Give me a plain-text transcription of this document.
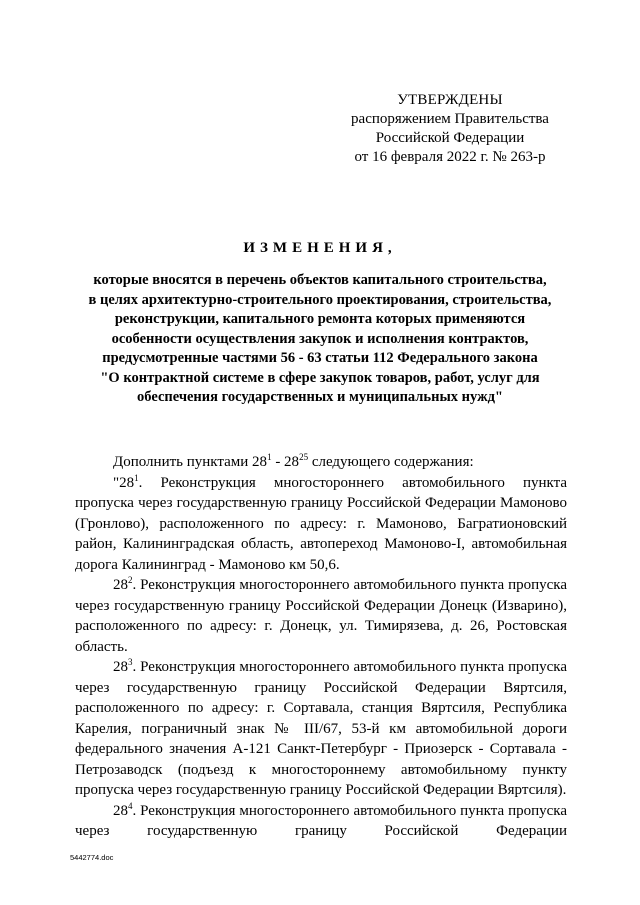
УТВЕРЖДЕНЫ
распоряжением Правительства
Российской Федерации
от 16 февраля 2022 г. № 263-р
ИЗМЕНЕНИЯ,
которые вносятся в перечень объектов капитального строительства,
в целях архитектурно-строительного проектирования, строительства,
реконструкции, капитального ремонта которых применяются
особенности осуществления закупок и исполнения контрактов,
предусмотренные частями 56 - 63 статьи 112 Федерального закона
"О контрактной системе в сфере закупок товаров, работ, услуг для
обеспечения государственных и муниципальных нужд"

Дополнить пунктами $28^1 - 28^{25}$ следующего содержания:

"$28^1$. Реконструкция многостороннего автомобильного пункта пропуска через государственную границу Российской Федерации Мамоново (Гронлово), расположенного по адресу: г. Мамоново, Багратионовский район, Калининградская область, автопереход Мамоново-I, автомобильная дорога Калининград - Мамоново км 50,6.

$28^2$. Реконструкция многостороннего автомобильного пункта пропуска через государственную границу Российской Федерации Донецк (Изварино), расположенного по адресу: г. Донецк, ул. Тимирязева, д. 26, Ростовская область.

$28^3$. Реконструкция многостороннего автомобильного пункта пропуска через государственную границу Российской Федерации Вяртсиля, расположенного по адресу: г. Сортавала, станция Вяртсиля, Республика Карелия, пограничный знак № III/67, 53-й км автомобильной дороги федерального значения А-121 Санкт-Петербург - Приозерск - Сортавала - Петрозаводск (подъезд к многостороннему автомобильному пункту пропуска через государственную границу Российской Федерации Вяртсиля).

$28^4$. Реконструкция многостороннего автомобильного пункта пропуска через государственную границу Российской Федерации

5442774.doc
